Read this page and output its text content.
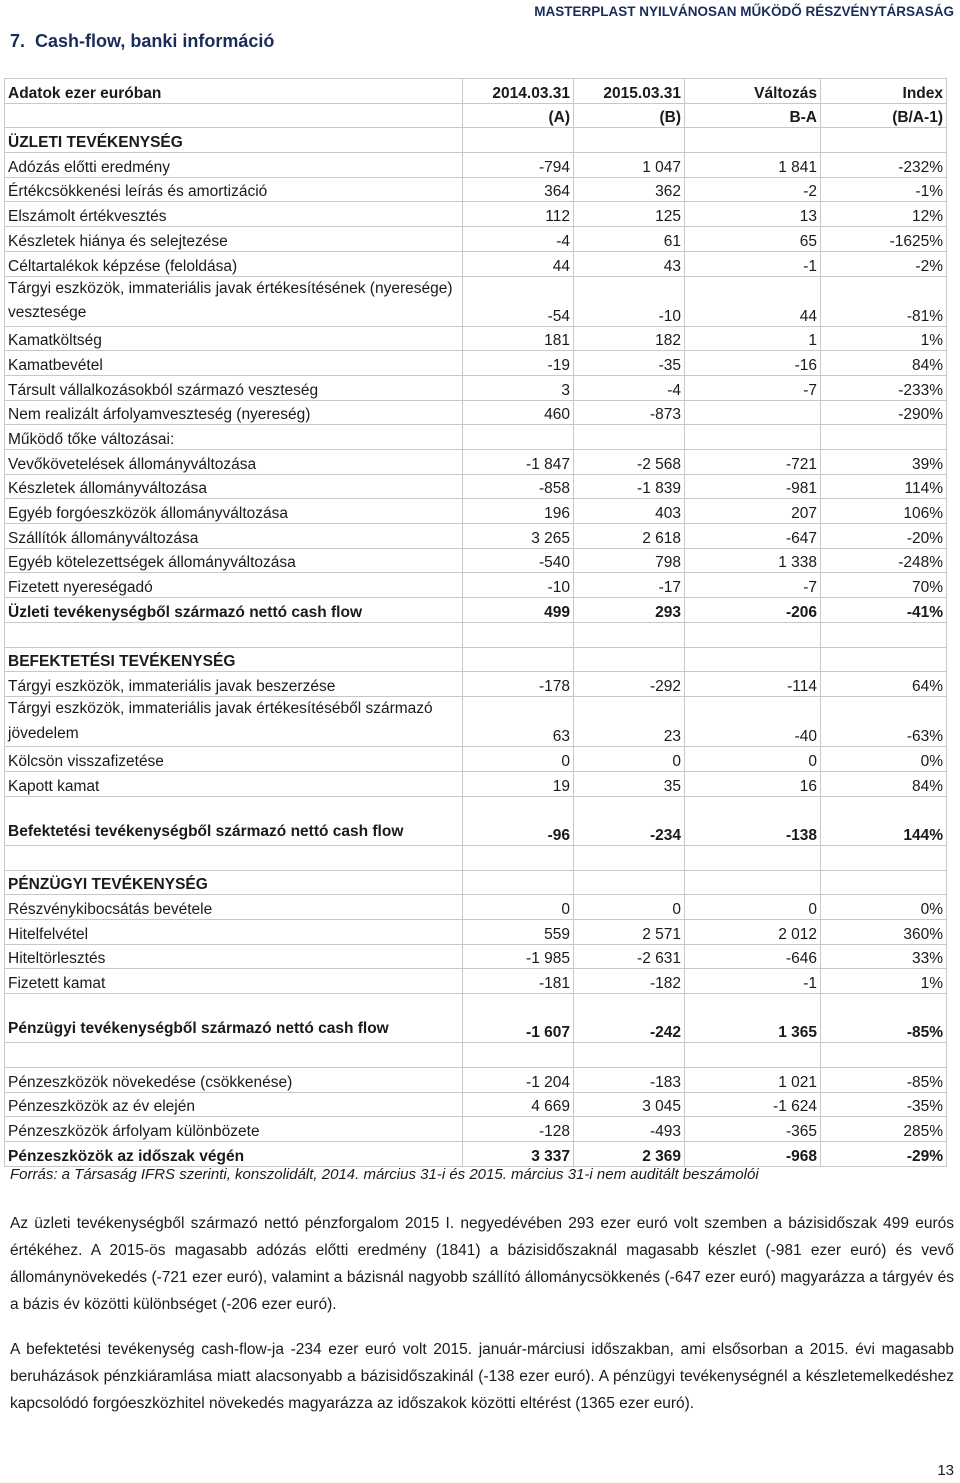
7.  Cash-flow, banki információ
MASTERPLAST NYILVÁNOSAN MŰKÖDŐ RÉSZVÉNYTÁRSASÁG
Adatok ezer euróban	2014.03.31	2015.03.31	Változás	Index
	(A)	(B)	B-A	(B/A-1)
ÜZLETI TEVÉKENYSÉG				
Adózás előtti eredmény	-794	1 047	1 841	-232%
Értékcsökkenési leírás és amortizáció	364	362	-2	-1%
Elszámolt értékvesztés	112	125	13	12%
Készletek hiánya és selejtezése	-4	61	65	-1625%
Céltartalékok képzése (feloldása)	44	43	-1	-2%
Tárgyi eszközök, immateriális javak értékesítésének (nyeresége) vesztesége	-54	-10	44	-81%
Kamatköltség	181	182	1	1%
Kamatbevétel	-19	-35	-16	84%
Társult vállalkozásokból származó veszteség	3	-4	-7	-233%
Nem realizált árfolyamveszteség (nyereség)	460	-873		-290%
Működő tőke változásai:				
Vevőkövetelések állományváltozása	-1 847	-2 568	-721	39%
Készletek állományváltozása	-858	-1 839	-981	114%
Egyéb forgóeszközök állományváltozása	196	403	207	106%
Szállítók állományváltozása	3 265	2 618	-647	-20%
Egyéb kötelezettségek állományváltozása	-540	798	1 338	-248%
Fizetett nyereségadó	-10	-17	-7	70%
Üzleti tevékenységből származó nettó cash flow	499	293	-206	-41%

BEFEKTETÉSI TEVÉKENYSÉG				
Tárgyi eszközök, immateriális javak beszerzése	-178	-292	-114	64%
Tárgyi eszközök, immateriális javak értékesítéséből származó jövedelem	63	23	-40	-63%
Kölcsön visszafizetése	0	0	0	0%
Kapott kamat	19	35	16	84%
Befektetési tevékenységből származó nettó cash flow	-96	-234	-138	144%

PÉNZÜGYI TEVÉKENYSÉG				
Részvénykibocsátás bevétele	0	0	0	0%
Hitelfelvétel	559	2 571	2 012	360%
Hiteltörlesztés	-1 985	-2 631	-646	33%
Fizetett kamat	-181	-182	-1	1%
Pénzügyi tevékenységből származó nettó cash flow	-1 607	-242	1 365	-85%

Pénzeszközök növekedése (csökkenése)	-1 204	-183	1 021	-85%
Pénzeszközök az év elején	4 669	3 045	-1 624	-35%
Pénzeszközök árfolyam különbözete	-128	-493	-365	285%
Pénzeszközök az időszak végén	3 337	2 369	-968	-29%
Forrás: a Társaság IFRS szerinti, konszolidált, 2014. március 31-i és 2015. március 31-i nem auditált beszámolói
Az üzleti tevékenységből származó nettó pénzforgalom 2015 I. negyedévében 293 ezer euró volt szemben a bázisidőszak 499 eurós értékéhez. A 2015-ös magasabb adózás előtti eredmény (1841) a bázisidőszaknál magasabb készlet (-981 ezer euró) és vevő állománynövekedés (-721 ezer euró), valamint a bázisnál nagyobb szállító állománycsökkenés (-647 ezer euró) magyarázza a tárgyév és a bázis év közötti különbséget (-206 ezer euró).
A befektetési tevékenység cash-flow-ja -234 ezer euró volt 2015. január-márciusi időszakban, ami elsősorban a 2015. évi magasabb beruházások pénzkiáramlása miatt alacsonyabb a bázisidőszakinál (-138 ezer euró). A pénzügyi tevékenységnél a készletemelkedéshez kapcsolódó forgóeszközhitel növekedés magyarázza az időszakok közötti eltérést (1365 ezer euró).
13
